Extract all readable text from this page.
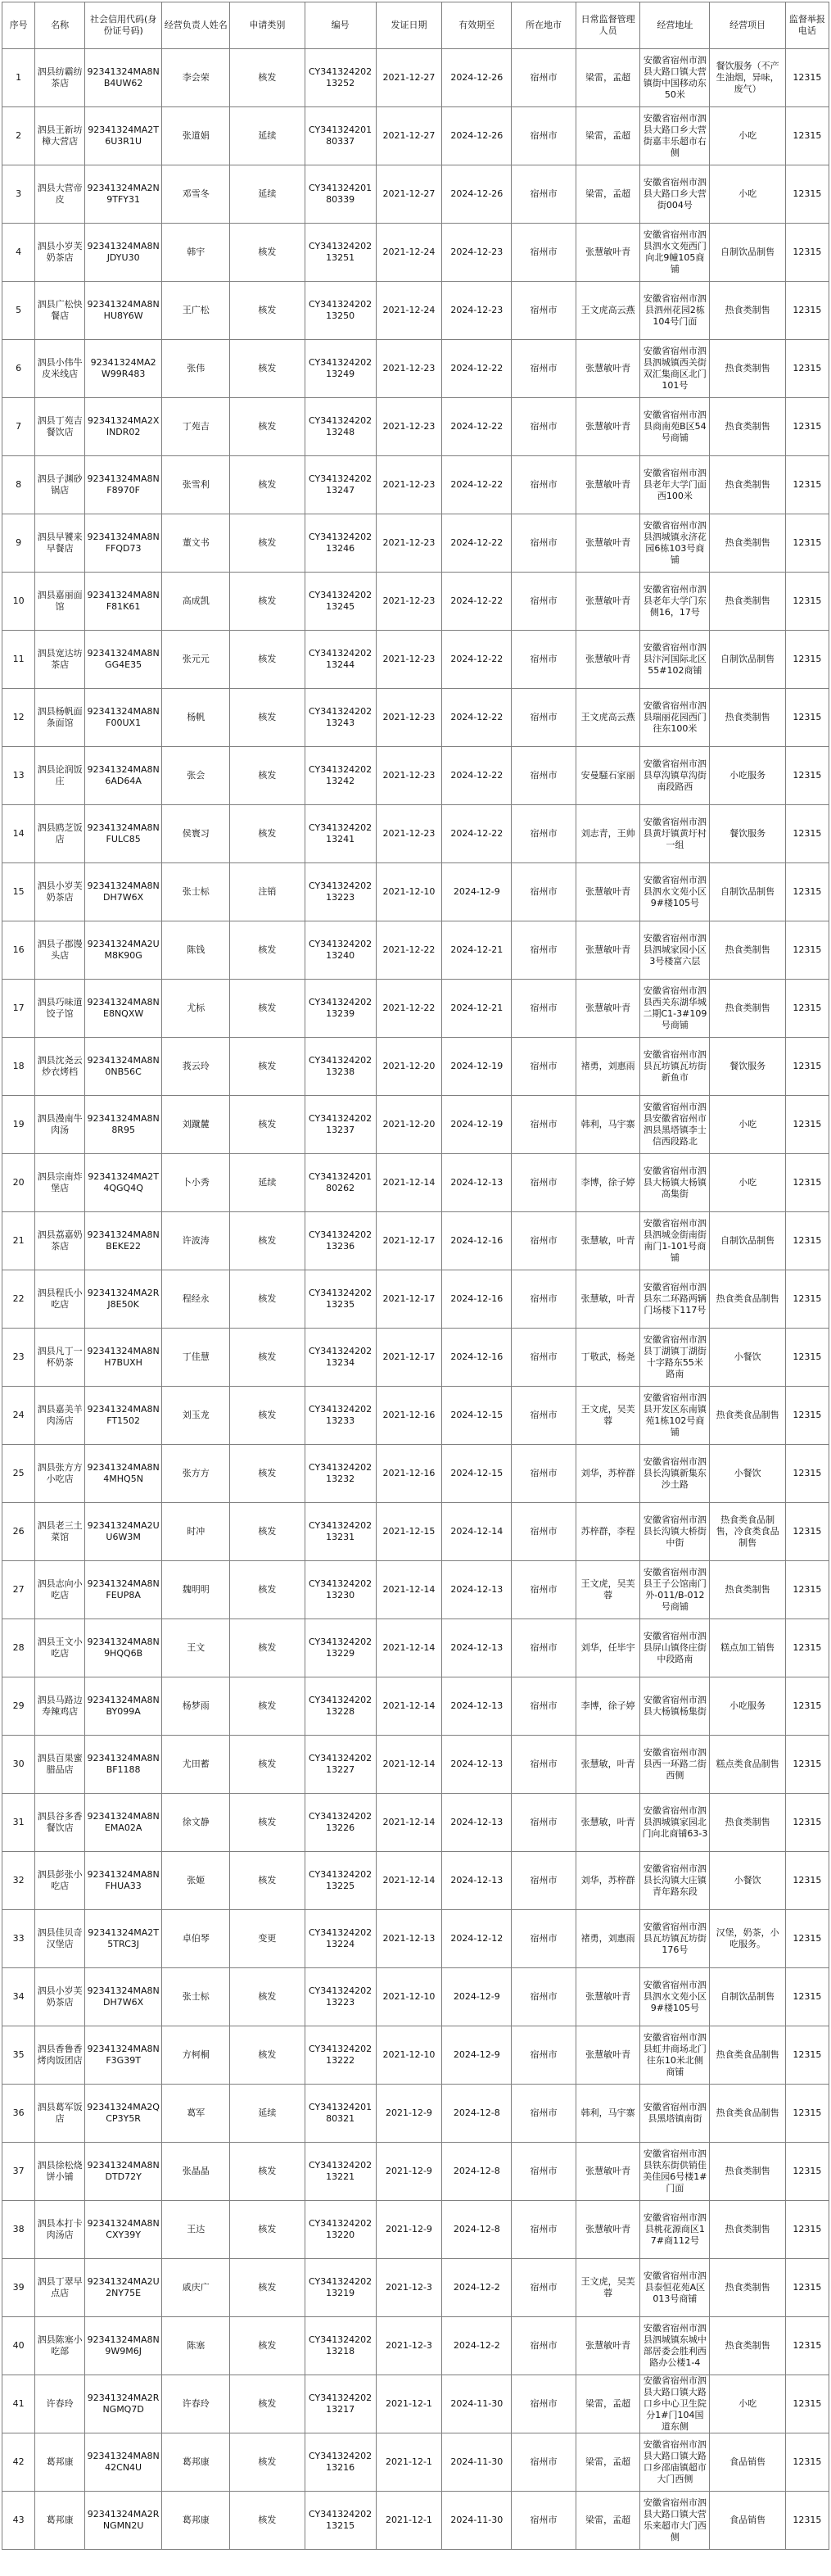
序号	名称	社会信用代码(身份证号码)	经营负责人姓名	申请类别	编号	发证日期	有效期至	所在地市	日常监督管理人员	经营地址	经营项目	监督举报电话
1	泗县纺霸纺茶店	92341324MA8NB4UW62	李会荣	核发	CY34132420213252	2021-12-27	2024-12-26	宿州市	梁雷，孟超	安徽省宿州市泗县大路口镇大营镇街中国移动东50米	餐饮服务（不产生油烟，异味，废气）	12315
2	泗县王新坊樟大营店	92341324MA2T6U3R1U	张道娟	延续	CY34132420180337	2021-12-27	2024-12-26	宿州市	梁雷，孟超	安徽省宿州市泗县大路口乡大营街嘉丰乐超市右侧	小吃	12315
3	泗县大营帝皮	92341324MA2N9TFY31	邓雪冬	延续	CY34132420180339	2021-12-27	2024-12-26	宿州市	梁雷，孟超	安徽省宿州市泗县大路口乡大营街004号	小吃	12315
4	泗县小岁芙奶茶店	92341324MA8NJDYU30	韩宇	核发	CY34132420213251	2021-12-24	2024-12-23	宿州市	张慧敏叶青	安徽省宿州市泗县泗水文苑西门向北9幢105商铺	自制饮品制售	12315
5	泗县广松快餐店	92341324MA8NHU8Y6W	王广松	核发	CY34132420213250	2021-12-24	2024-12-23	宿州市	王文虎高云燕	安徽省宿州市泗县泗州花园2栋104号门面	热食类制售	12315
6	泗县小伟牛皮米线店	92341324MA2W99R483	张伟	核发	CY34132420213249	2021-12-23	2024-12-22	宿州市	张慧敏叶青	安徽省宿州市泗县泗城镇西关街双汇集商区北门101号	热食类制售	12315
7	泗县丁苑吉餐饮店	92341324MA2XINDR02	丁苑吉	核发	CY34132420213248	2021-12-23	2024-12-22	宿州市	张慧敏叶青	安徽省宿州市泗县商南苑B区54号商铺	热食类制售	12315
8	泗县子渊砂锅店	92341324MA8NF8970F	张雪利	核发	CY34132420213247	2021-12-23	2024-12-22	宿州市	张慧敏叶青	安徽省宿州市泗县老年大学门面西100米	热食类制售	12315
9	泗县早饕来早餐店	92341324MA8NFFQD73	董文书	核发	CY34132420213246	2021-12-23	2024-12-22	宿州市	张慧敏叶青	安徽省宿州市泗县泗城镇永济花园6栋103号商铺	热食类制售	12315
10	泗县嘉丽面馆	92341324MA8NF81K61	高成凯	核发	CY34132420213245	2021-12-23	2024-12-22	宿州市	张慧敏叶青	安徽省宿州市泗县老年大学门东侧16，17号	热食类制售	12315
11	泗县宽达坊茶店	92341324MA8NGG4E35	张元元	核发	CY34132420213244	2021-12-23	2024-12-22	宿州市	张慧敏叶青	安徽省宿州市泗县汴河国际北区55#102商铺	自制饮品制售	12315
12	泗县杨帆面条面馆	92341324MA8NF00UX1	杨帆	核发	CY34132420213243	2021-12-23	2024-12-22	宿州市	王文虎高云燕	安徽省宿州市泗县瑞丽花园西门往东100米	热食类制售	12315
13	泗县论润饭庄	92341324MA8N6AD64A	张会	核发	CY34132420213242	2021-12-23	2024-12-22	宿州市	安曼騒石家丽	安徽省宿州市泗县草沟镇草沟街南段路西	小吃服务	12315
14	泗县鸥芝饭店	92341324MA8NFULC85	侯寰习	核发	CY34132420213241	2021-12-23	2024-12-22	宿州市	刘志青，王帅	安徽省宿州市泗县黄圩镇黄圩村一组	餐饮服务	12315
15	泗县小岁芙奶茶店	92341324MA8NDH7W6X	张士标	注销	CY34132420213223	2021-12-10	2024-12-9	宿州市	张慧敏叶青	安徽省宿州市泗县泗水文苑小区9#楼105号	自制饮品制售	12315
16	泗县子郡馒头店	92341324MA2UM8K90G	陈钱	核发	CY34132420213240	2021-12-22	2024-12-21	宿州市	张慧敏叶青	安徽省宿州市泗县泗城家园小区3号楼富六层	热食类制售	12315
17	泗县巧味道饺子馆	92341324MA8NE8NQXW	尤标	核发	CY34132420213239	2021-12-22	2024-12-21	宿州市	张慧敏叶青	安徽省宿州市泗县西关东湖华城二期C1-3#109号商铺	热食类制售	12315
18	泗县沈尧云炒衣烤档	92341324MA8N0NB56C	莪云玲	核发	CY34132420213238	2021-12-20	2024-12-19	宿州市	褚勇，刘惠雨	安徽省宿州市泗县瓦坊镇瓦坊街新鱼市	餐饮服务	12315
19	泗县漫南牛肉汤	92341324MA8N8R95	刘蹴麓	核发	CY34132420213237	2021-12-20	2024-12-19	宿州市	韩利，马宇寨	安徽省宿州市泗县安徽省宿州市泗县黑塔镇李士信西段路北	小吃	12315
20	泗县宗南炸堡店	92341324MA2T4QGQ4Q	卜小秀	延续	CY34132420180262	2021-12-14	2024-12-13	宿州市	李博，徐子婷	安徽省宿州市泗县大杨镇大杨镇高集街	小吃	12315
21	泗县荔嘉奶茶店	92341324MA8NBEKE22	许波涛	核发	CY34132420213236	2021-12-17	2024-12-16	宿州市	张慧敏，叶青	安徽省宿州市泗县泗城金街南街南门1-101号商铺	自制饮品制售	12315
22	泗县程氏小吃店	92341324MA2RJ8E50K	程经永	核发	CY34132420213235	2021-12-17	2024-12-16	宿州市	张慧敏，叶青	安徽省宿州市泗县东二环路两辆门场楼下117号	热食类食品制售	12315
23	泗县凡丁一杯奶茶	92341324MA8NH7BUXH	丁佳慧	核发	CY34132420213234	2021-12-17	2024-12-16	宿州市	丁敬武，杨尧	安徽省宿州市泗县丁湖镇丁湖街十字路东55米路南	小餐饮	12315
24	泗县嘉美羊肉汤店	92341324MA8NFT1502	刘玉龙	核发	CY34132420213233	2021-12-16	2024-12-15	宿州市	王文虎，吴芙蓉	安徽省宿州市泗县开发区东南镇苑1栋102号商铺	热食类食品制售	12315
25	泗县张方方小吃店	92341324MA8N4MHQ5N	张方方	核发	CY34132420213232	2021-12-16	2024-12-15	宿州市	刘华，苏梓群	安徽省宿州市泗县长沟镇新集东沙土路	小餐饮	12315
26	泗县老三土菜馆	92341324MA2UU6W3M	时冲	核发	CY34132420213231	2021-12-15	2024-12-14	宿州市	苏梓群，李程	安徽省宿州市泗县长沟镇大桥街中街	热食类食品制售，冷食类食品制售	12315
27	泗县志向小吃店	92341324MA8NFEUP8A	魏明明	核发	CY34132420213230	2021-12-14	2024-12-13	宿州市	王文虎，吴芙蓉	安徽省宿州市泗县王子公馆南门外-011/B-012号商铺	热食类制售	12315
28	泗县王文小吃店	92341324MA8N9HQQ6B	王文	核发	CY34132420213229	2021-12-14	2024-12-13	宿州市	刘华，任毕宇	安徽省宿州市泗县屏山镇佟庄街中段路南	糕点加工销售	12315
29	泗县马路边寿辣鸡店	92341324MA8NBY099A	杨梦雨	核发	CY34132420213228	2021-12-14	2024-12-13	宿州市	李博，徐子婷	安徽省宿州市泗县大杨镇杨集街	小吃服务	12315
30	泗县百果蜜腊品店	92341324MA8NBF1188	尤田蓄	核发	CY34132420213227	2021-12-14	2024-12-13	宿州市	张慧敏，叶青	安徽省宿州市泗县西一环路二街西侧	糕点类食品制售	12315
31	泗县谷多香餐饮店	92341324MA8NEMA02A	徐文静	核发	CY34132420213226	2021-12-14	2024-12-13	宿州市	张慧敏，叶青	安徽省宿州市泗县泗城镇家园北门向北商铺63-3	热食类制售	12315
32	泗县彭张小吃店	92341324MA8NFHUA33	张姬	核发	CY34132420213225	2021-12-14	2024-12-13	宿州市	刘华，苏梓群	安徽省宿州市泗县长沟镇大庄镇青年路东段	小餐饮	12315
33	泗县佳贝奇汉堡店	92341324MA2T5TRC3J	卓伯琴	变更	CY34132420213224	2021-12-13	2024-12-12	宿州市	褚勇，刘惠雨	安徽省宿州市泗县瓦坊镇瓦坊街176号	汉堡，奶茶，小吃服务。	12315
34	泗县小岁芙奶茶店	92341324MA8NDH7W6X	张士标	核发	CY34132420213223	2021-12-10	2024-12-9	宿州市	张慧敏叶青	安徽省宿州市泗县泗水文苑小区9#楼105号	自制饮品制售	12315
35	泗县香鲁香烤肉饭团店	92341324MA8NF3G39T	方柯桐	核发	CY34132420213222	2021-12-10	2024-12-9	宿州市	张慧敏叶青	安徽省宿州市泗县虹井商场北门往东10米北侧商铺	热食类食品制售	12315
36	泗县葛军饭店	92341324MA2QCP3Y5R	葛军	延续	CY34132420180321	2021-12-9	2024-12-8	宿州市	韩利，马宇寨	安徽省宿州市泗县黑塔镇南街	热食类食品制售	12315
37	泗县徐松烧饼小铺	92341324MA8NDTD72Y	张晶晶	核发	CY34132420213221	2021-12-9	2024-12-8	宿州市	张慧敏叶青	安徽省宿州市泗县铁东街供销佳美佳园6号楼1#门面	热食类制售	12315
38	泗县本打卡肉汤店	92341324MA8NCXY39Y	王达	核发	CY34132420213220	2021-12-9	2024-12-8	宿州市	张慧敏叶青	安徽省宿州市泗县桃花源商区17#商112号	热食类制售	12315
39	泗县丁翠早点店	92341324MA2U2NY75E	戚庆广	核发	CY34132420213219	2021-12-3	2024-12-2	宿州市	王文虎，吴芙蓉	安徽省宿州市泗县泰恒花苑A区013号商铺	热食类制售	12315
40	泗县陈塞小吃部	92341324MA8N9W9M6J	陈塞	核发	CY34132420213218	2021-12-3	2024-12-2	宿州市	张慧敏叶青	安徽省宿州市泗县泗城镇东城中部居委会胜利西路办公楼1-4	热食类制售	12315
41	许春玲	92341324MA2RNGMQ7D	许春玲	核发	CY34132420213217	2021-12-1	2024-11-30	宿州市	梁雷，孟超	安徽省宿州市泗县大路口镇大路口乡中心卫生院分1#门104国道东侧	小吃	12315
42	葛邦康	92341324MA8N42CN4U	葛邦康	核发	CY34132420213216	2021-12-1	2024-11-30	宿州市	梁雷，孟超	安徽省宿州市泗县大路口镇大路口乡邵庙镇超市大门西侧	食品销售	12315
43	葛邦康	92341324MA2RNGMN2U	葛邦康	核发	CY34132420213215	2021-12-1	2024-11-30	宿州市	梁雷，孟超	安徽省宿州市泗县大路口镇大营乐来超市大门西侧	食品销售	12315
